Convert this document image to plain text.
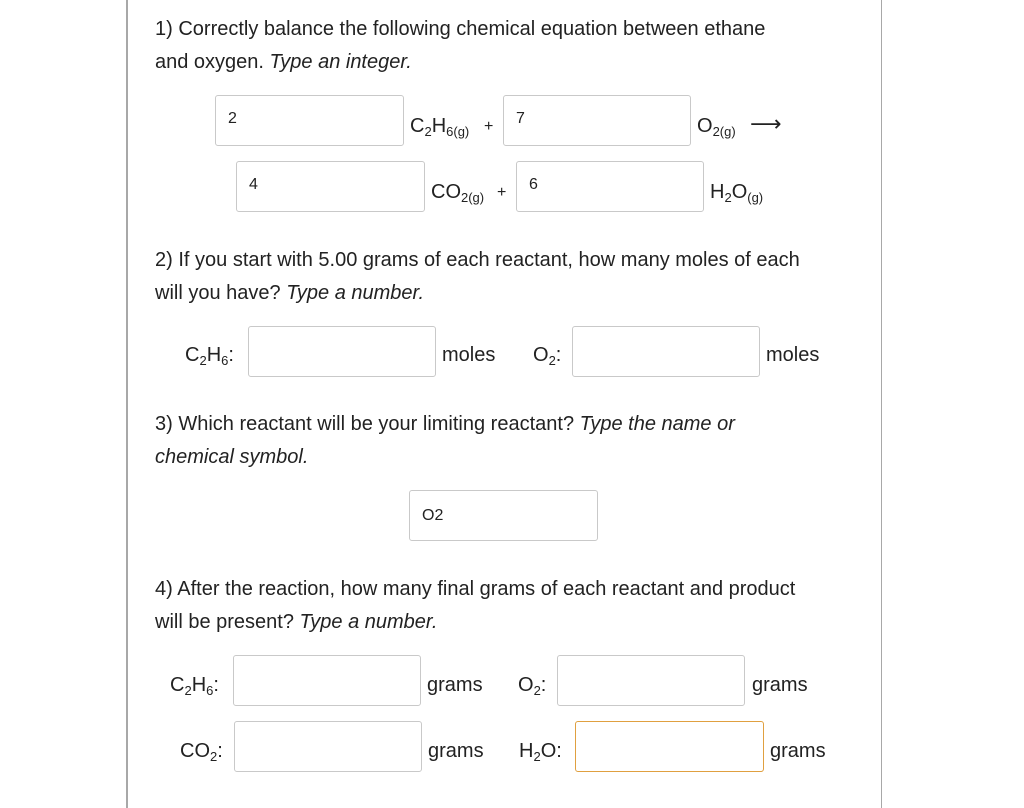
1) Correctly balance the following chemical equation between ethane
and oxygen. Type an integer.
2	$C_2H_{6(g)}$ +	7	$O_{2(g)}$ ⟶
4	$CO_{2(g)}$ +	6	$H_2O_{(g)}$
2) If you start with 5.00 grams of each reactant, how many moles of each
will you have? Type a number.
$C_2H_6$:	moles $O_2$:	moles
3) Which reactant will be your limiting reactant? Type the name or
chemical symbol.
O2
4) After the reaction, how many final grams of each reactant and product
will be present? Type a number.
$C_2H_6$:	grams $O_2$:	grams
$CO_2$:	grams $H_2O$:	grams
